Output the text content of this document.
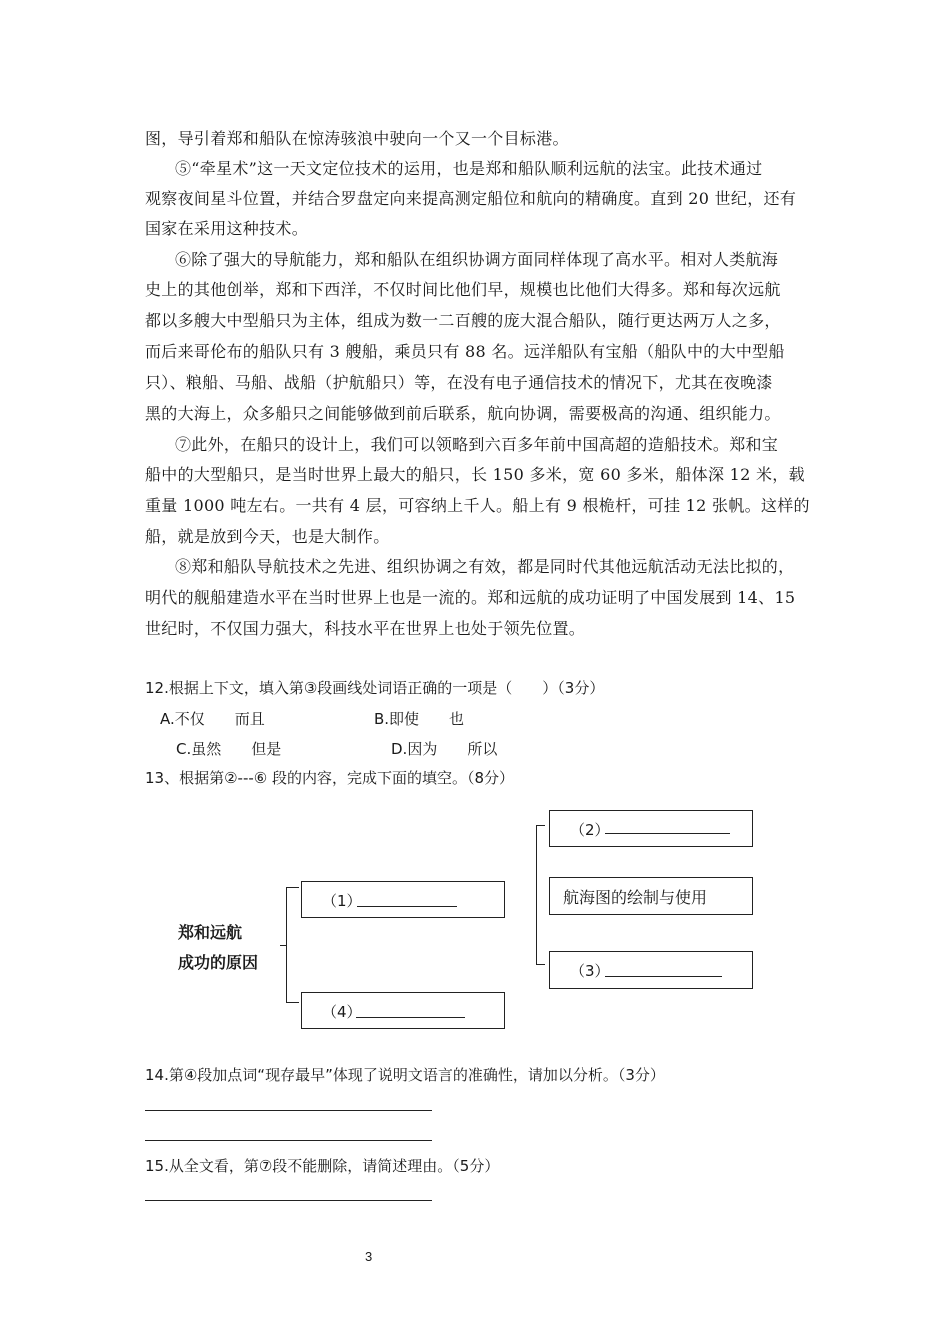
图，导引着郑和船队在惊涛骇浪中驶向一个又一个目标港。
⑤“牵星术”这一天文定位技术的运用，也是郑和船队顺利远航的法宝。此技术通过
观察夜间星斗位置，并结合罗盘定向来提高测定船位和航向的精确度。直到 20 世纪，还有
国家在采用这种技术。
⑥除了强大的导航能力，郑和船队在组织协调方面同样体现了高水平。相对人类航海
史上的其他创举，郑和下西洋，不仅时间比他们早，规模也比他们大得多。郑和每次远航
都以多艘大中型船只为主体，组成为数一二百艘的庞大混合船队，随行更达两万人之多，
而后来哥伦布的船队只有 3 艘船，乘员只有 88 名。远洋船队有宝船（船队中的大中型船
只）、粮船、马船、战船（护航船只）等，在没有电子通信技术的情况下，尤其在夜晚漆
黑的大海上，众多船只之间能够做到前后联系，航向协调，需要极高的沟通、组织能力。
⑦此外，在船只的设计上，我们可以领略到六百多年前中国高超的造船技术。郑和宝
船中的大型船只，是当时世界上最大的船只，长 150 多米，宽 60 多米，船体深 12 米，载
重量 1000 吨左右。一共有 4 层，可容纳上千人。船上有 9 根桅杆，可挂 12 张帆。这样的
船，就是放到今天，也是大制作。
⑧郑和船队导航技术之先进、组织协调之有效，都是同时代其他远航活动无法比拟的，
明代的舰船建造水平在当时世界上也是一流的。郑和远航的成功证明了中国发展到 14、15
世纪时，不仅国力强大，科技水平在世界上也处于领先位置。
12.根据上下文，填入第③段画线处词语正确的一项是（　　）（3分）
A.不仅　　而且	B.即使　　也
C.虽然　　但是	D.因为　　所以
13、根据第②---⑥ 段的内容，完成下面的填空。（8分）
郑和远航
成功的原因
（1）
（4）
（2）
航海图的绘制与使用
（3）
14.第④段加点词“现存最早”体现了说明文语言的准确性，请加以分析。（3分）
15.从全文看，第⑦段不能删除，请简述理由。（5分）
3
